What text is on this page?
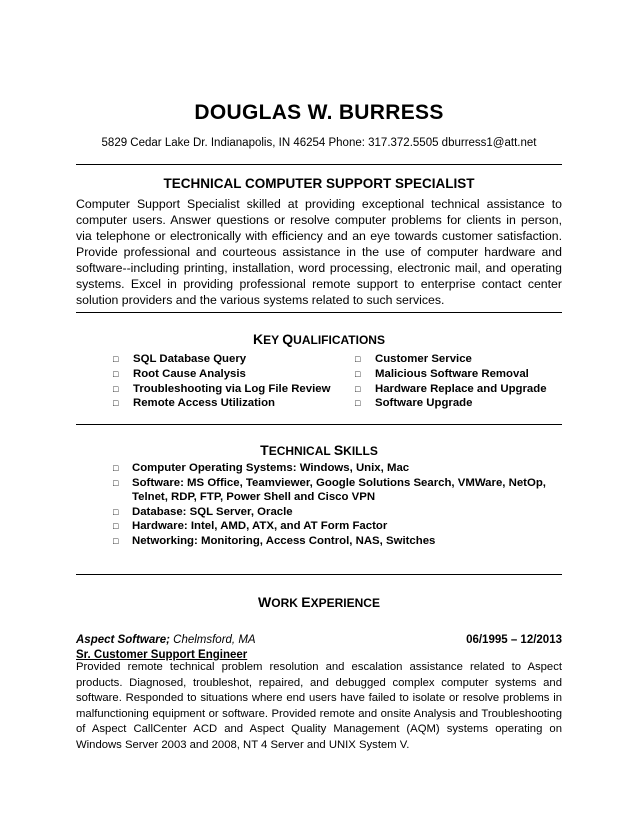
DOUGLAS W. BURRESS
5829 Cedar Lake Dr. Indianapolis, IN 46254 Phone: 317.372.5505 dburress1@att.net
TECHNICAL COMPUTER SUPPORT SPECIALIST

Computer Support Specialist skilled at providing exceptional technical assistance to computer users. Answer questions or resolve computer problems for clients in person, via telephone or electronically with efficiency and an eye towards customer satisfaction. Provide professional and courteous assistance in the use of computer hardware and software--including printing, installation, word processing, electronic mail, and operating systems. Excel in providing professional remote support to enterprise contact center solution providers and the various systems related to such services.

KEY QUALIFICATIONS
□ SQL Database Query
□ Root Cause Analysis
□ Troubleshooting via Log File Review
□ Remote Access Utilization
□ Customer Service
□ Malicious Software Removal
□ Hardware Replace and Upgrade
□ Software Upgrade
TECHNICAL SKILLS
□	Computer Operating Systems: Windows, Unix, Mac
□	Software: MS Office, Teamviewer, Google Solutions Search, VMWare, NetOp, Telnet, RDP, FTP, Power Shell and Cisco VPN
□	Database: SQL Server, Oracle
□	Hardware: Intel, AMD, ATX, and AT Form Factor
□	Networking: Monitoring, Access Control, NAS, Switches
WORK EXPERIENCE
Aspect Software; Chelmsford, MA	06/1995 – 12/2013
Sr. Customer Support Engineer

Provided remote technical problem resolution and escalation assistance related to Aspect products. Diagnosed, troubleshot, repaired, and debugged complex computer systems and software. Responded to situations where end users have failed to isolate or resolve problems in malfunctioning equipment or software. Provided remote and onsite Analysis and Troubleshooting of Aspect CallCenter ACD and Aspect Quality Management (AQM) systems operating on Windows Server 2003 and 2008, NT 4 Server and UNIX System V.
